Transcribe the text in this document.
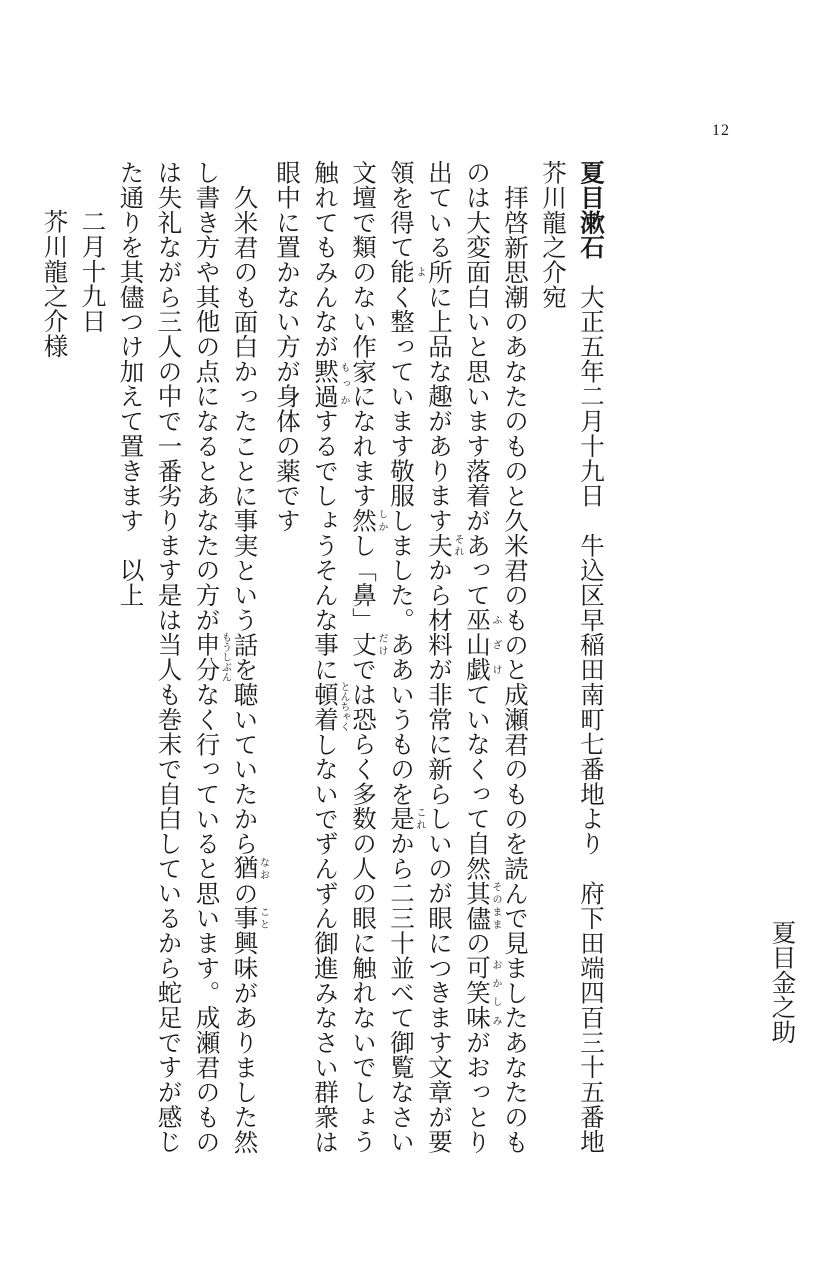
12

夏目漱石　大正五年二月十九日　牛込区早稲田南町七番地より　府下田端四百三十五番地芥川龍之介宛

拝啓新思潮のあなたのものと久米君のものと成瀬君のものを読んで見ましたあなたのものは大変面白いと思います落着があって巫山戯ふざけていなくって自然其儘そのままの可笑味おかしみがおっとり出ている所に上品な趣があります夫それから材料が非常に新らしいのが眼につきます文章が要領を得て能よく整っています敬服しました。ああいうものを是これから二三十並べて御覧なさい文壇で類のない作家になれます然しかし「鼻」丈だけでは恐らく多数の人の眼に触れないでしょう触れてもみんなが黙過もっかするでしょうそんな事に頓着とんちゃくしないでずんずん御進みなさい群衆は眼中に置かない方が身体の薬です

久米君のも面白かったことに事実という話を聴いていたから猶なおの事こと興味がありました然し書き方や其他の点になるとあなたの方が申分もうしぶんなく行っていると思います。成瀬君のものは失礼ながら三人の中で一番劣ります是は当人も巻末で自白しているから蛇足ですが感じた通りを其儘つけ加えて置きます　以上

二月十九日

芥川龍之介様

夏目金之助
